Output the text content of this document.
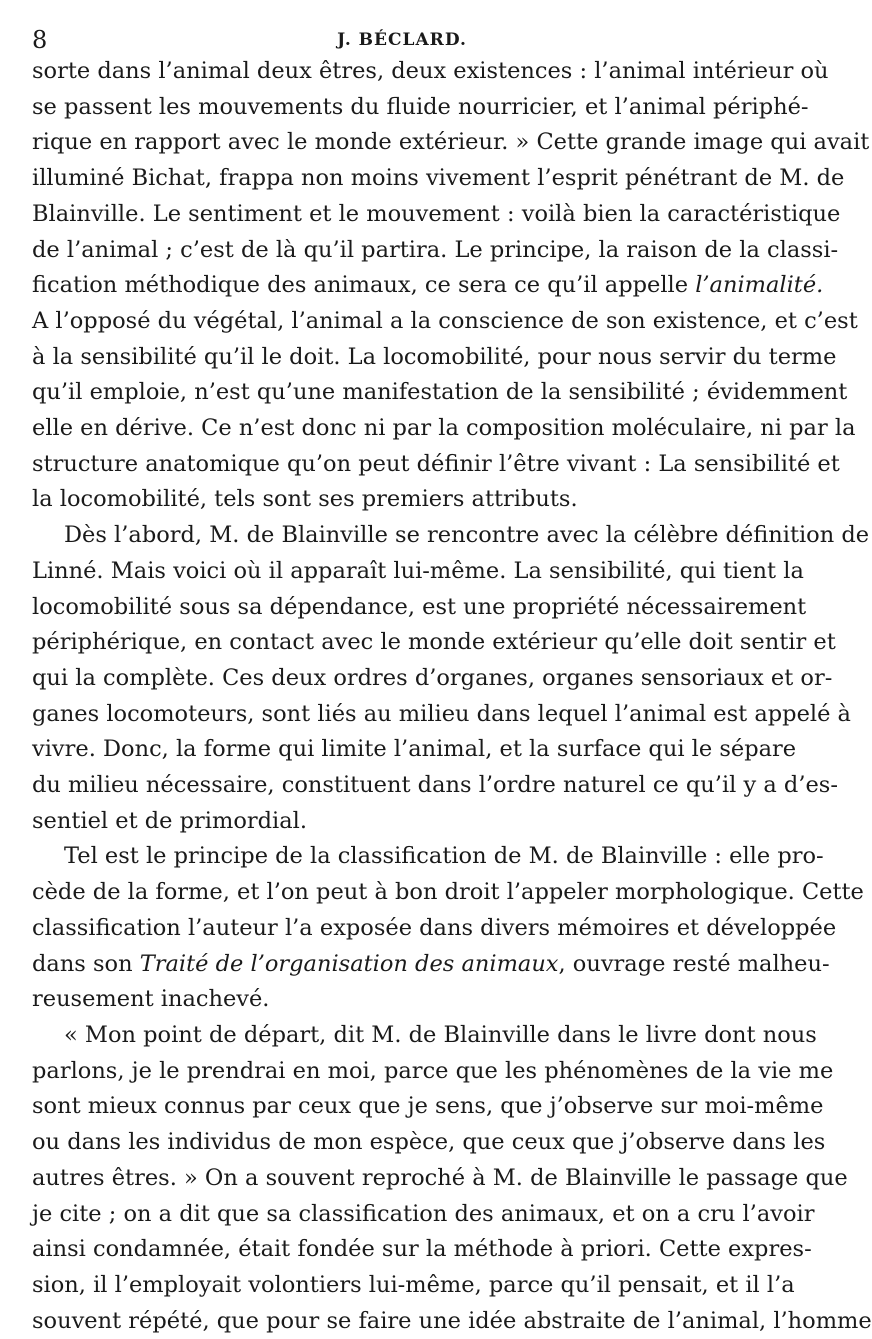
8	J. BÉCLARD.
sorte dans l’animal deux êtres, deux existences : l’animal intérieur où
se passent les mouvements du fluide nourricier, et l’animal périphé-
rique en rapport avec le monde extérieur. » Cette grande image qui avait
illuminé Bichat, frappa non moins vivement l’esprit pénétrant de M. de
Blainville. Le sentiment et le mouvement : voilà bien la caractéristique
de l’animal ; c’est de là qu’il partira. Le principe, la raison de la classi-
fication méthodique des animaux, ce sera ce qu’il appelle l’animalité.
A l’opposé du végétal, l’animal a la conscience de son existence, et c’est
à la sensibilité qu’il le doit. La locomobilité, pour nous servir du terme
qu’il emploie, n’est qu’une manifestation de la sensibilité ; évidemment
elle en dérive. Ce n’est donc ni par la composition moléculaire, ni par la
structure anatomique qu’on peut définir l’être vivant : La sensibilité et
la locomobilité, tels sont ses premiers attributs.
Dès l’abord, M. de Blainville se rencontre avec la célèbre définition de
Linné. Mais voici où il apparaît lui-même. La sensibilité, qui tient la
locomobilité sous sa dépendance, est une propriété nécessairement
périphérique, en contact avec le monde extérieur qu’elle doit sentir et
qui la complète. Ces deux ordres d’organes, organes sensoriaux et or-
ganes locomoteurs, sont liés au milieu dans lequel l’animal est appelé à
vivre. Donc, la forme qui limite l’animal, et la surface qui le sépare
du milieu nécessaire, constituent dans l’ordre naturel ce qu’il y a d’es-
sentiel et de primordial.
Tel est le principe de la classification de M. de Blainville : elle pro-
cède de la forme, et l’on peut à bon droit l’appeler morphologique. Cette
classification l’auteur l’a exposée dans divers mémoires et développée
dans son Traité de l’organisation des animaux, ouvrage resté malheu-
reusement inachevé.
« Mon point de départ, dit M. de Blainville dans le livre dont nous
parlons, je le prendrai en moi, parce que les phénomènes de la vie me
sont mieux connus par ceux que je sens, que j’observe sur moi-même
ou dans les individus de mon espèce, que ceux que j’observe dans les
autres êtres. » On a souvent reproché à M. de Blainville le passage que
je cite ; on a dit que sa classification des animaux, et on a cru l’avoir
ainsi condamnée, était fondée sur la méthode à priori. Cette expres-
sion, il l’employait volontiers lui-même, parce qu’il pensait, et il l’a
souvent répété, que pour se faire une idée abstraite de l’animal, l’homme
